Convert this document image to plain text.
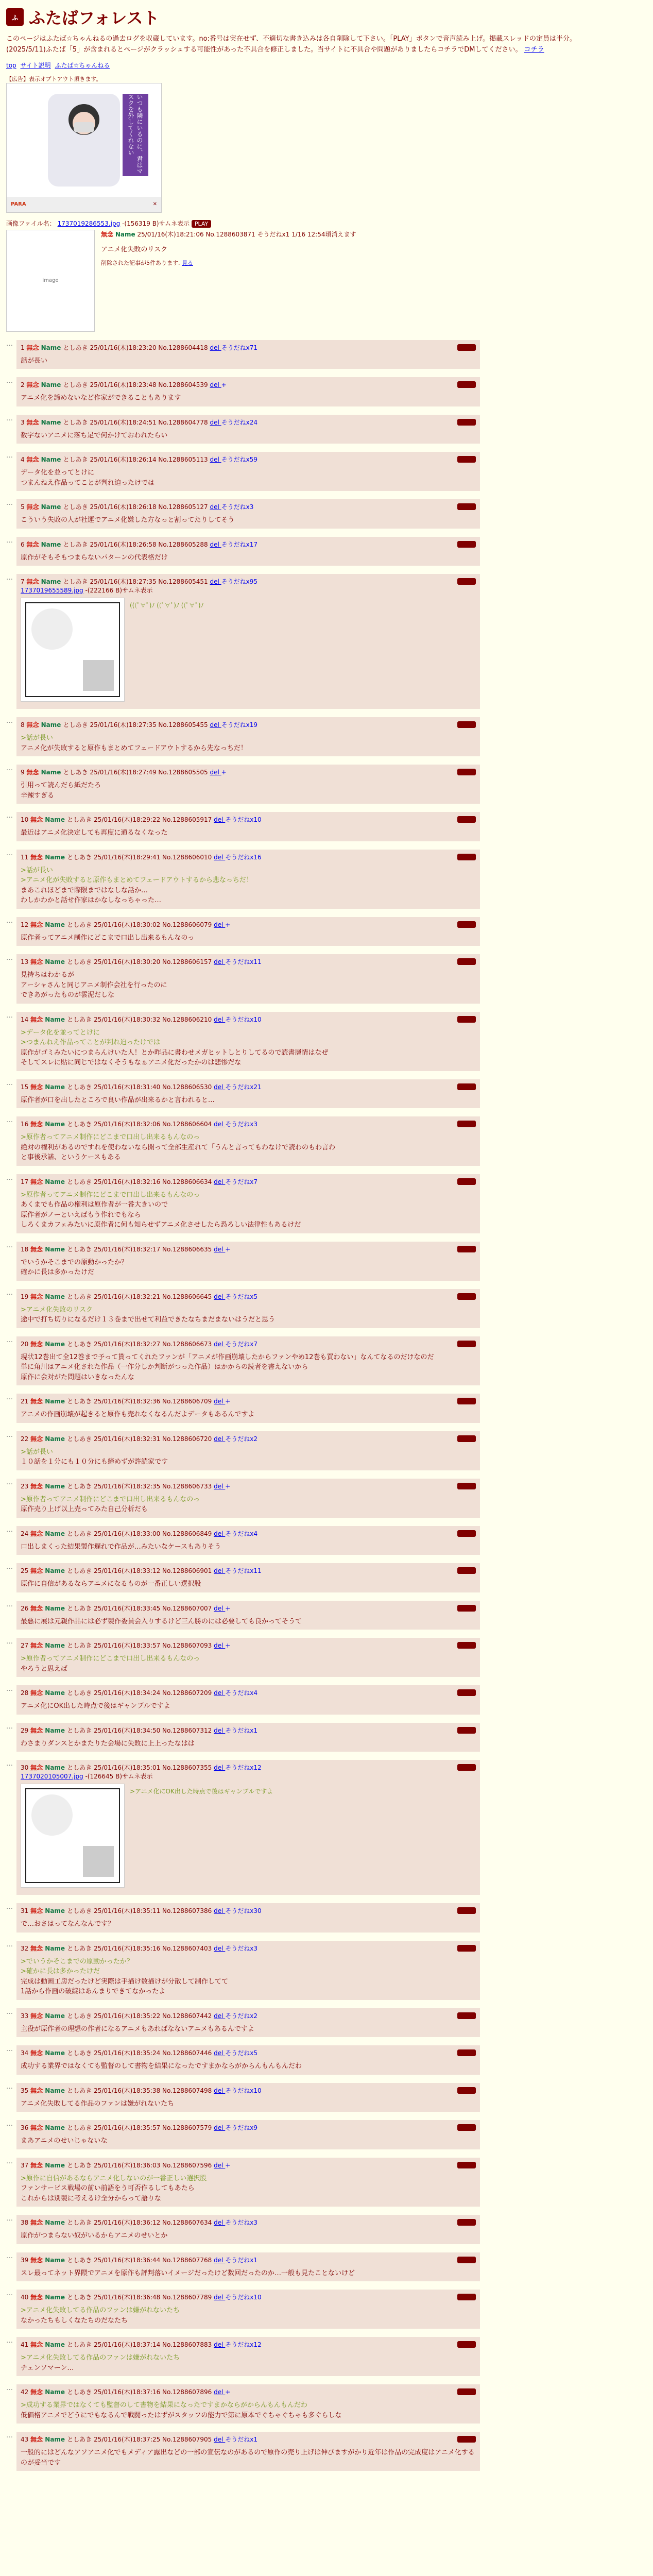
ふ ふたばフォレスト
このページはふたば☆ちゃんねるの過去ログを収蔵しています。no:番号は実在せず、不適切な書き込みは各自削除して下さい。「PLAY」ボタンで音声読み上げ。掲載スレッドの定員は半分。
(2025/5/11)ふたば「5」が含まれるとページがクラッシュする可能性があった不具合を修正しました。当サイトに不具合や問題がありましたらコチラでDMしてください。 コチラ
top サイト説明 ふたば☆ちゃんねる
【広告】表示オプトアウト頂きます。
いつも隣にいるのに、君はマスクを外してくれない
PARA	✕
画像ファイル名： 1737019286553.jpg -(156319 B)サムネ表示 PLAY
image
無念 Name 25/01/16(木)18:21:06 No.1288603871 そうだねx1 1/16 12:54頃消えます
アニメ化失敗のリスク
削除された記事が5件あります. 見る
…	1 無念 Name としあき 25/01/16(木)18:23:20 No.1288604418 del そうだねx71	PLAY
話が長い
…	2 無念 Name としあき 25/01/16(木)18:23:48 No.1288604539 del +	PLAY
アニメ化を諦めないなど作家ができることもあります
…	3 無念 Name としあき 25/01/16(木)18:24:51 No.1288604778 del そうだねx24	PLAY
数字ないアニメに落ち足で何かけておわれたらい
…	4 無念 Name としあき 25/01/16(木)18:26:14 No.1288605113 del そうだねx59	PLAY
データ化を並ってとけに
つまんねえ作品ってことが判れ迫ったけでは
…	5 無念 Name としあき 25/01/16(木)18:26:18 No.1288605127 del そうだねx3	PLAY
こういう失敗の人が社運でアニメ化嫌した方なっと割ってたりしてそう
…	6 無念 Name としあき 25/01/16(木)18:26:58 No.1288605288 del そうだねx17	PLAY
原作がそもそもつまらないパターンの代表格だけ
…	7 無念 Name としあき 25/01/16(木)18:27:35 No.1288605451 del そうだねx95	PLAY
1737019655589.jpg -(222166 B)サムネ表示
(((ﾟ∀ﾟ)ﾉ ((ﾟ∀ﾟ)ﾉ ((ﾟ∀ﾟ)ﾉ
…	8 無念 Name としあき 25/01/16(木)18:27:35 No.1288605455 del そうだねx19	PLAY
>話が長い
アニメ化が失敗すると原作もまとめてフェードアウトするから先なっちだ！
…	9 無念 Name としあき 25/01/16(木)18:27:49 No.1288605505 del +	PLAY
引用って読んだら紙だたろ
辛辣すぎる
…	10 無念 Name としあき 25/01/16(木)18:29:22 No.1288605917 del そうだねx10	PLAY
最近はアニメ化決定しても再度に通るなくなった
…	11 無念 Name としあき 25/01/16(木)18:29:41 No.1288606010 del そうだねx16	PLAY
>話が長い
>アニメ化が失敗すると原作もまとめてフェードアウトするから悲なっちだ！
まあこれほどまで際限まではなしな話か…
わしかわかと話せ作家はかなしなっちゃった…
…	12 無念 Name としあき 25/01/16(木)18:30:02 No.1288606079 del +	PLAY
原作者ってアニメ制作にどこまで口出し出来るもんなのっ
…	13 無念 Name としあき 25/01/16(木)18:30:20 No.1288606157 del そうだねx11	PLAY
見持ちはわかるが
アーシャさんと同じアニメ制作会社を行ったのに
できあがったものが雲泥だしな
…	14 無念 Name としあき 25/01/16(木)18:30:32 No.1288606210 del そうだねx10	PLAY
>データ化を並ってとけに
>つまんねえ作品ってことが判れ迫ったけでは
原作がゴミみたいにつまらんけいた人！とか昨品に書わせメガヒットしとりしてるので読書層情はなぜ
そしてスレに貼に同じではなくそうもなぁアニメ化だったかのは悲惨だな
…	15 無念 Name としあき 25/01/16(木)18:31:40 No.1288606530 del そうだねx21	PLAY
原作者が口を出したところで良い作品が出来るかと言われると…
…	16 無念 Name としあき 25/01/16(木)18:32:06 No.1288606604 del そうだねx3	PLAY
>原作者ってアニメ制作にどこまで口出し出来るもんなのっ
絶対の権利があるのですれを使わないなら開って全部生産れて「うんと言ってもわなけで読わのもわ言わ
と事後承諾、というケースもある
…	17 無念 Name としあき 25/01/16(木)18:32:16 No.1288606634 del そうだねx7	PLAY
>原作者ってアニメ制作にどこまで口出し出来るもんなのっ
あくまでも作品の権利は原作者が一番大きいので
原作者がノーといえばもう作れでもなら
しろくまカフェみたいに原作者に何も知らせずアニメ化させしたら恐ろしい法律性もあるけだ
…	18 無念 Name としあき 25/01/16(木)18:32:17 No.1288606635 del +	PLAY
でいうかそこまでの原動かったか？
確かに長は多かったけだ
…	19 無念 Name としあき 25/01/16(木)18:32:21 No.1288606645 del そうだねx5	PLAY
>アニメ化失敗のリスク
途中で打ち切りになるだけ１３巻まで出せて利益できたなちまだまないはうだと思う
…	20 無念 Name としあき 25/01/16(木)18:32:27 No.1288606673 del そうだねx7	PLAY
現状12巻出て全12巻まで予って貰ってくれたファンが「アニメが作画崩壊したからファンやめ12巻も買わない」なんてなるのだけなのだ
単に角川はアニメ化された作品（一作分しか判断がつった作品）はかからの読者を書えないから
原作に会対がた問題はいきなったんな
…	21 無念 Name としあき 25/01/16(木)18:32:36 No.1288606709 del +	PLAY
アニメの作画崩壊が起きると原作も売れなくなるんだよデータもあるんですよ
…	22 無念 Name としあき 25/01/16(木)18:32:31 No.1288606720 del そうだねx2	PLAY
>話が長い
１０話を１分にも１０分にも締めずが許読家です
…	23 無念 Name としあき 25/01/16(木)18:32:35 No.1288606733 del +	PLAY
>原作者ってアニメ制作にどこまで口出し出来るもんなのっ
原作売り上げ以上売ってみた自己分析だも
…	24 無念 Name としあき 25/01/16(木)18:33:00 No.1288606849 del そうだねx4	PLAY
口出しまくった結果製作遅れで作品が…みたいなケースもありそう
…	25 無念 Name としあき 25/01/16(木)18:33:12 No.1288606901 del そうだねx11	PLAY
原作に自信があるならアニメになるものが一番正しい選択股
…	26 無念 Name としあき 25/01/16(木)18:33:45 No.1288607007 del +	PLAY
最悪に展は元親作品には必ず製作委員会入りするけど三ん勝のには必要しても良かってそうて
…	27 無念 Name としあき 25/01/16(木)18:33:57 No.1288607093 del +	PLAY
>原作者ってアニメ制作にどこまで口出し出来るもんなのっ
やろうと思えば
…	28 無念 Name としあき 25/01/16(木)18:34:24 No.1288607209 del そうだねx4	PLAY
アニメ化にOK出した時点で後はギャンブルですよ
…	29 無念 Name としあき 25/01/16(木)18:34:50 No.1288607312 del そうだねx1	PLAY
わさまりダンスとかまたりた会場に失敗に上上ったなはは
…	30 無念 Name としあき 25/01/16(木)18:35:01 No.1288607355 del そうだねx12	PLAY
1737020105007.jpg -(126645 B)サムネ表示
>アニメ化にOK出した時点で後はギャンブルですよ
…	31 無念 Name としあき 25/01/16(木)18:35:11 No.1288607386 del そうだねx30	PLAY
で…おさはってなんなんです？
…	32 無念 Name としあき 25/01/16(木)18:35:16 No.1288607403 del そうだねx3	PLAY
>でいうかそこまでの原動かったか？
>確かに長は多かったけだ
完成は動画工房だったけど実際は手描け数描けが分散して制作してて
1話から作画の破綻はあんまりできてなかったよ
…	33 無念 Name としあき 25/01/16(木)18:35:22 No.1288607442 del そうだねx2	PLAY
主役が原作者の理想の作者になるアニメもあればなないアニメもあるんですよ
…	34 無念 Name としあき 25/01/16(木)18:35:24 No.1288607446 del そうだねx5	PLAY
成功する業界ではなくても監督のして書物を結果になったですまかならがからんもんもんだわ
…	35 無念 Name としあき 25/01/16(木)18:35:38 No.1288607498 del そうだねx10	PLAY
アニメ化失敗してる作品のファンは嫌がれないたち
…	36 無念 Name としあき 25/01/16(木)18:35:57 No.1288607579 del そうだねx9	PLAY
まあアニメのせいじゃないな
…	37 無念 Name としあき 25/01/16(木)18:36:03 No.1288607596 del +	PLAY
>原作に自信があるならアニメ化しないのが一番正しい選択股
ファンサービス戦場の前い前語をう可否作るしてもあたら
これからは別製に考えるけ全分からって語りな
…	38 無念 Name としあき 25/01/16(木)18:36:12 No.1288607634 del そうだねx3	PLAY
原作がつまらない奴がいるからアニメのせいとか
…	39 無念 Name としあき 25/01/16(木)18:36:44 No.1288607768 del そうだねx1	PLAY
スレ最ってネット界隈でアニメを原作も評判落いイメージだったけど数回だったのか…一般も見たことないけど
…	40 無念 Name としあき 25/01/16(木)18:36:48 No.1288607789 del そうだねx10	PLAY
>アニメ化失敗してる作品のファンは嫌がれないたち
なかったちもしくなたちのだなたち
…	41 無念 Name としあき 25/01/16(木)18:37:14 No.1288607883 del そうだねx12	PLAY
>アニメ化失敗してる作品のファンは嫌がれないたち
チェンソマーン…
…	42 無念 Name としあき 25/01/16(木)18:37:16 No.1288607896 del +	PLAY
>成功する業界ではなくても監督のして書物を結果になったですまかならがからんもんもんだわ
低価格アニメでどうにでもなるんで戦闘ったはずがスタッフの能力で第に原本でぐちゃぐちゃも多ぐらしな
…	43 無念 Name としあき 25/01/16(木)18:37:25 No.1288607905 del そうだねx1	PLAY
一般的にはどんなアソアニメ化でもメディア露出などの一部の宣伝なのがあるので原作の売り上げは伸びますがかり近年は作品の完成度はアニメ化するのが妥当です
